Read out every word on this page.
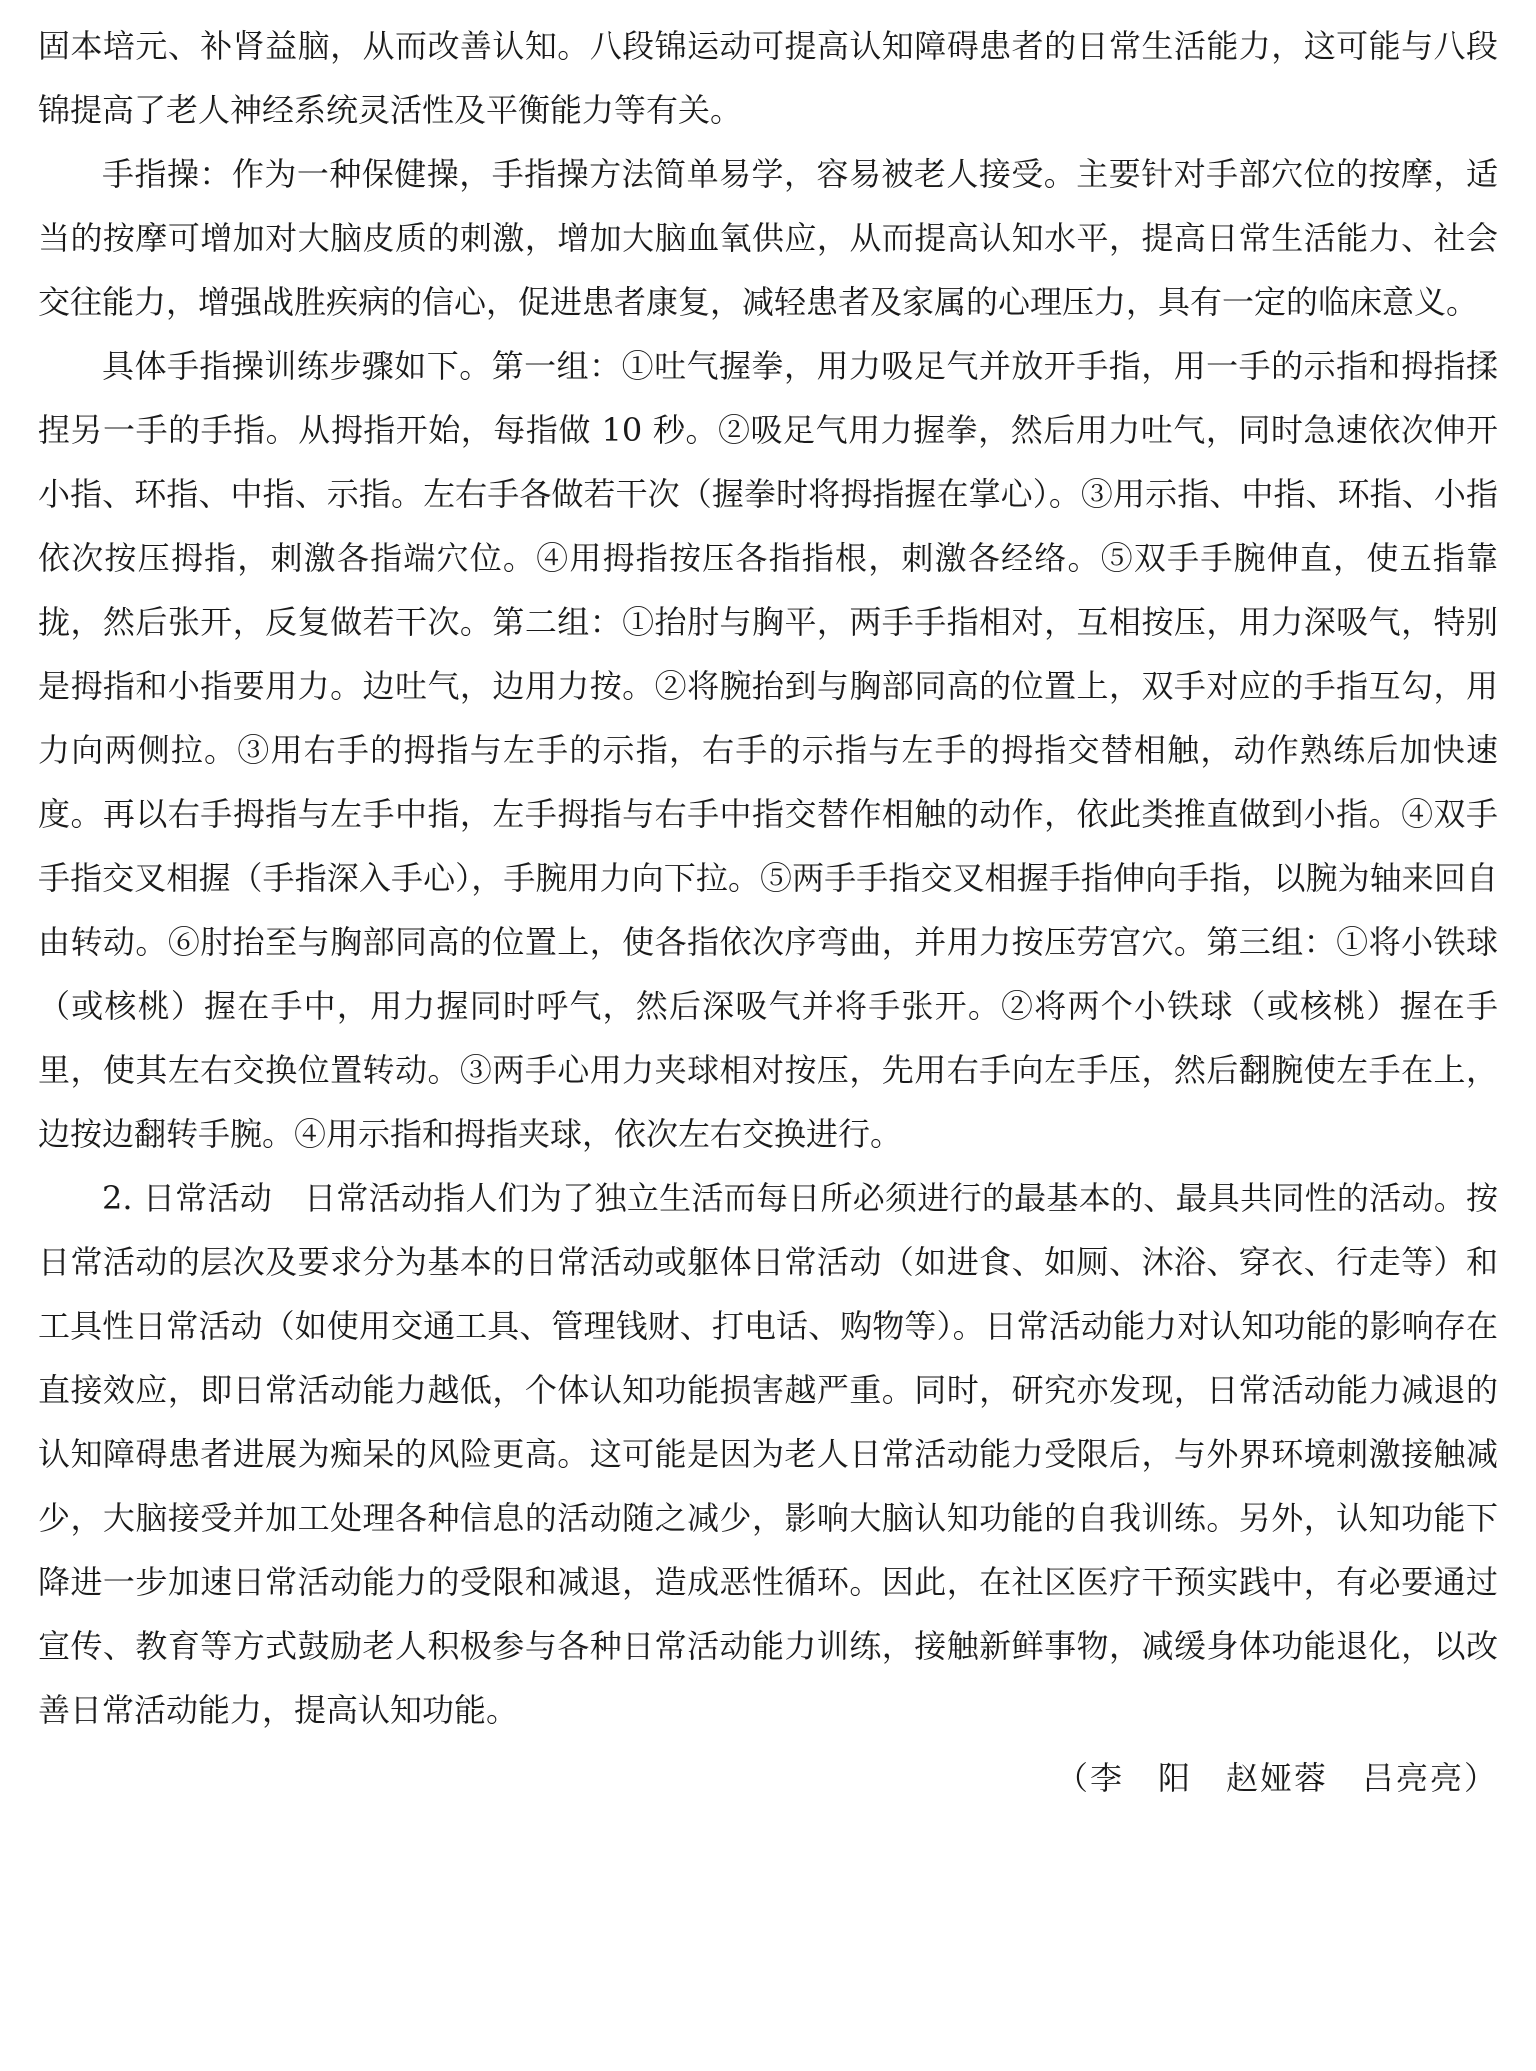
固本培元、补肾益脑，从而改善认知。八段锦运动可提高认知障碍患者的日常生活能力，这可能与八段锦提高了老人神经系统灵活性及平衡能力等有关。

手指操：作为一种保健操，手指操方法简单易学，容易被老人接受。主要针对手部穴位的按摩，适当的按摩可增加对大脑皮质的刺激，增加大脑血氧供应，从而提高认知水平，提高日常生活能力、社会交往能力，增强战胜疾病的信心，促进患者康复，减轻患者及家属的心理压力，具有一定的临床意义。

具体手指操训练步骤如下。第一组：①吐气握拳，用力吸足气并放开手指，用一手的示指和拇指揉捏另一手的手指。从拇指开始，每指做 10 秒。②吸足气用力握拳，然后用力吐气，同时急速依次伸开小指、环指、中指、示指。左右手各做若干次（握拳时将拇指握在掌心）。③用示指、中指、环指、小指依次按压拇指，刺激各指端穴位。④用拇指按压各指指根，刺激各经络。⑤双手手腕伸直，使五指靠拢，然后张开，反复做若干次。第二组：①抬肘与胸平，两手手指相对，互相按压，用力深吸气，特别是拇指和小指要用力。边吐气，边用力按。②将腕抬到与胸部同高的位置上，双手对应的手指互勾，用力向两侧拉。③用右手的拇指与左手的示指，右手的示指与左手的拇指交替相触，动作熟练后加快速度。再以右手拇指与左手中指，左手拇指与右手中指交替作相触的动作，依此类推直做到小指。④双手手指交叉相握（手指深入手心），手腕用力向下拉。⑤两手手指交叉相握手指伸向手指，以腕为轴来回自由转动。⑥肘抬至与胸部同高的位置上，使各指依次序弯曲，并用力按压劳宫穴。第三组：①将小铁球（或核桃）握在手中，用力握同时呼气，然后深吸气并将手张开。②将两个小铁球（或核桃）握在手里，使其左右交换位置转动。③两手心用力夹球相对按压，先用右手向左手压，然后翻腕使左手在上，边按边翻转手腕。④用示指和拇指夹球，依次左右交换进行。

2. 日常活动 日常活动指人们为了独立生活而每日所必须进行的最基本的、最具共同性的活动。按日常活动的层次及要求分为基本的日常活动或躯体日常活动（如进食、如厕、沐浴、穿衣、行走等）和工具性日常活动（如使用交通工具、管理钱财、打电话、购物等）。日常活动能力对认知功能的影响存在直接效应，即日常活动能力越低，个体认知功能损害越严重。同时，研究亦发现，日常活动能力减退的认知障碍患者进展为痴呆的风险更高。这可能是因为老人日常活动能力受限后，与外界环境刺激接触减少，大脑接受并加工处理各种信息的活动随之减少，影响大脑认知功能的自我训练。另外，认知功能下降进一步加速日常活动能力的受限和减退，造成恶性循环。因此，在社区医疗干预实践中，有必要通过宣传、教育等方式鼓励老人积极参与各种日常活动能力训练，接触新鲜事物，减缓身体功能退化，以改善日常活动能力，提高认知功能。

（李　阳　赵娅蓉　吕亮亮）
